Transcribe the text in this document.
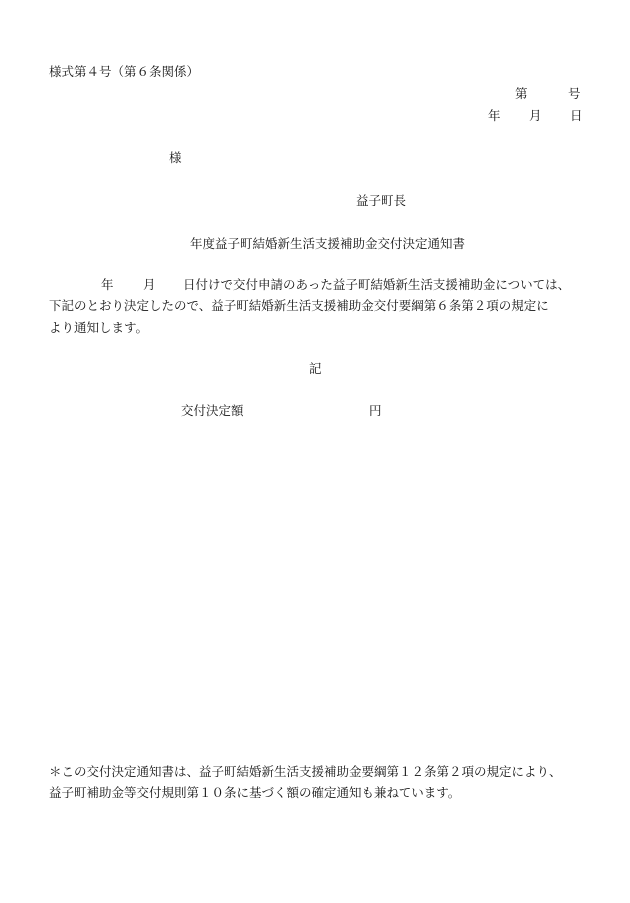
様式第４号（第６条関係）
第	号
年 月 日
様
益子町長
年度益子町結婚新生活支援補助金交付決定通知書
年 月 日付けで交付申請のあった益子町結婚新生活支援補助金については、
下記のとおり決定したので、益子町結婚新生活支援補助金交付要綱第６条第２項の規定に
より通知します。
記
交付決定額	円
＊この交付決定通知書は、益子町結婚新生活支援補助金要綱第１２条第２項の規定により、
益子町補助金等交付規則第１０条に基づく額の確定通知も兼ねています。
